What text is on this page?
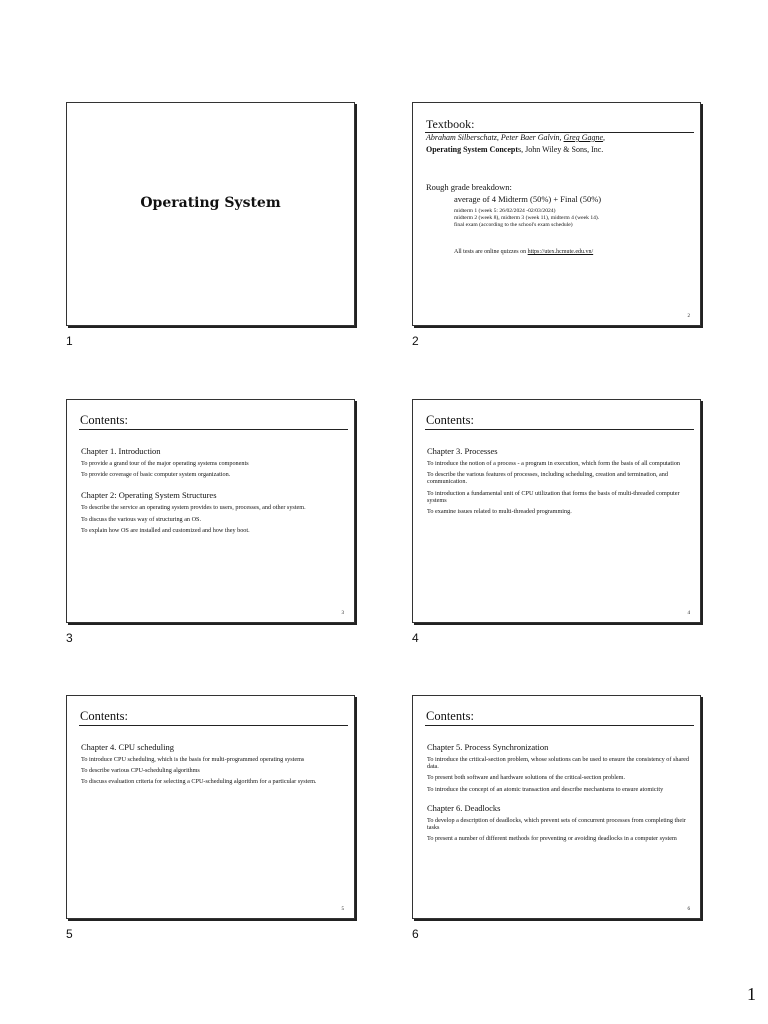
Operating System
1
Textbook:
Abraham Silberschatz, Peter Baer Galvin, Greg Gagne,
Operating System Concepts, John Wiley & Sons, Inc.
Rough grade breakdown:
average of 4 Midterm (50%) + Final (50%)
midterm 1 (week 5: 26/02/2024 -02/03/2024)
midterm 2 (week 8), midterm 3 (week 11), midterm 4 (week 14).
final exam (according to the school's exam schedule)
All tests are online quizzes on https://utex.hcmute.edu.vn/
2
2
Contents:
Chapter 1. Introduction
To provide a grand tour of the major operating systems components
To provide coverage of basic computer system organization.
Chapter 2: Operating System Structures
To describe the service an operating system provides to users, processes, and other system.
To discuss the various way of structuring an OS.
To explain how OS are installed and customized and how they boot.
3
3
Contents:
Chapter 3. Processes
To introduce the notion of a process - a program in execution, which form the basis of all computation
To describe the various features of processes, including scheduling, creation and termination, and communication.
To introduction a fundamental unit of CPU utilization that forms the basis of multi-threaded computer systems
To examine issues related to multi-threaded programming.
4
4
Contents:
Chapter 4. CPU scheduling
To introduce CPU scheduling, which is the basis for multi-programmed operating systems
To describe various CPU-scheduling algorithms
To discuss evaluation criteria for selecting a CPU-scheduling algorithm for a particular system.
5
5
Contents:
Chapter 5. Process Synchronization
To introduce the critical-section problem, whose solutions can be used to ensure the consistency of shared data.
To present both software and hardware solutions of the critical-section problem.
To introduce the concept of an atomic transaction and describe mechanisms to ensure atomicity
Chapter 6. Deadlocks
To develop a description of deadlocks, which prevent sets of concurrent processes from completing their tasks
To present a number of different methods for preventing or avoiding deadlocks in a computer system
6
6
1
